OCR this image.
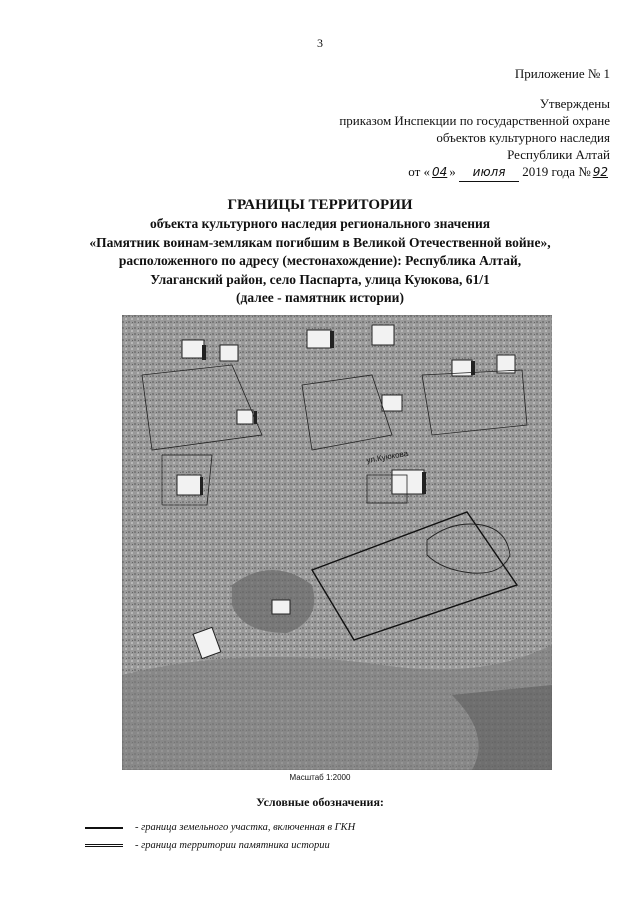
3
Приложение № 1
Утверждены
приказом Инспекции по государственной охране
объектов культурного наследия
Республики Алтай
от « 04 » июля 2019 года № 92
ГРАНИЦЫ ТЕРРИТОРИИ
объекта культурного наследия регионального значения
«Памятник воинам-землякам погибшим в Великой Отечественной войне»,
расположенного по адресу (местонахождение): Республика Алтай,
Улаганский район, село Паспарта, улица Куюкова, 61/1
(далее - памятник истории)
ул.Куюкова
Масштаб 1:2000
Условные обозначения:
- граница земельного участка, включенная в ГКН
- граница территории памятника истории
